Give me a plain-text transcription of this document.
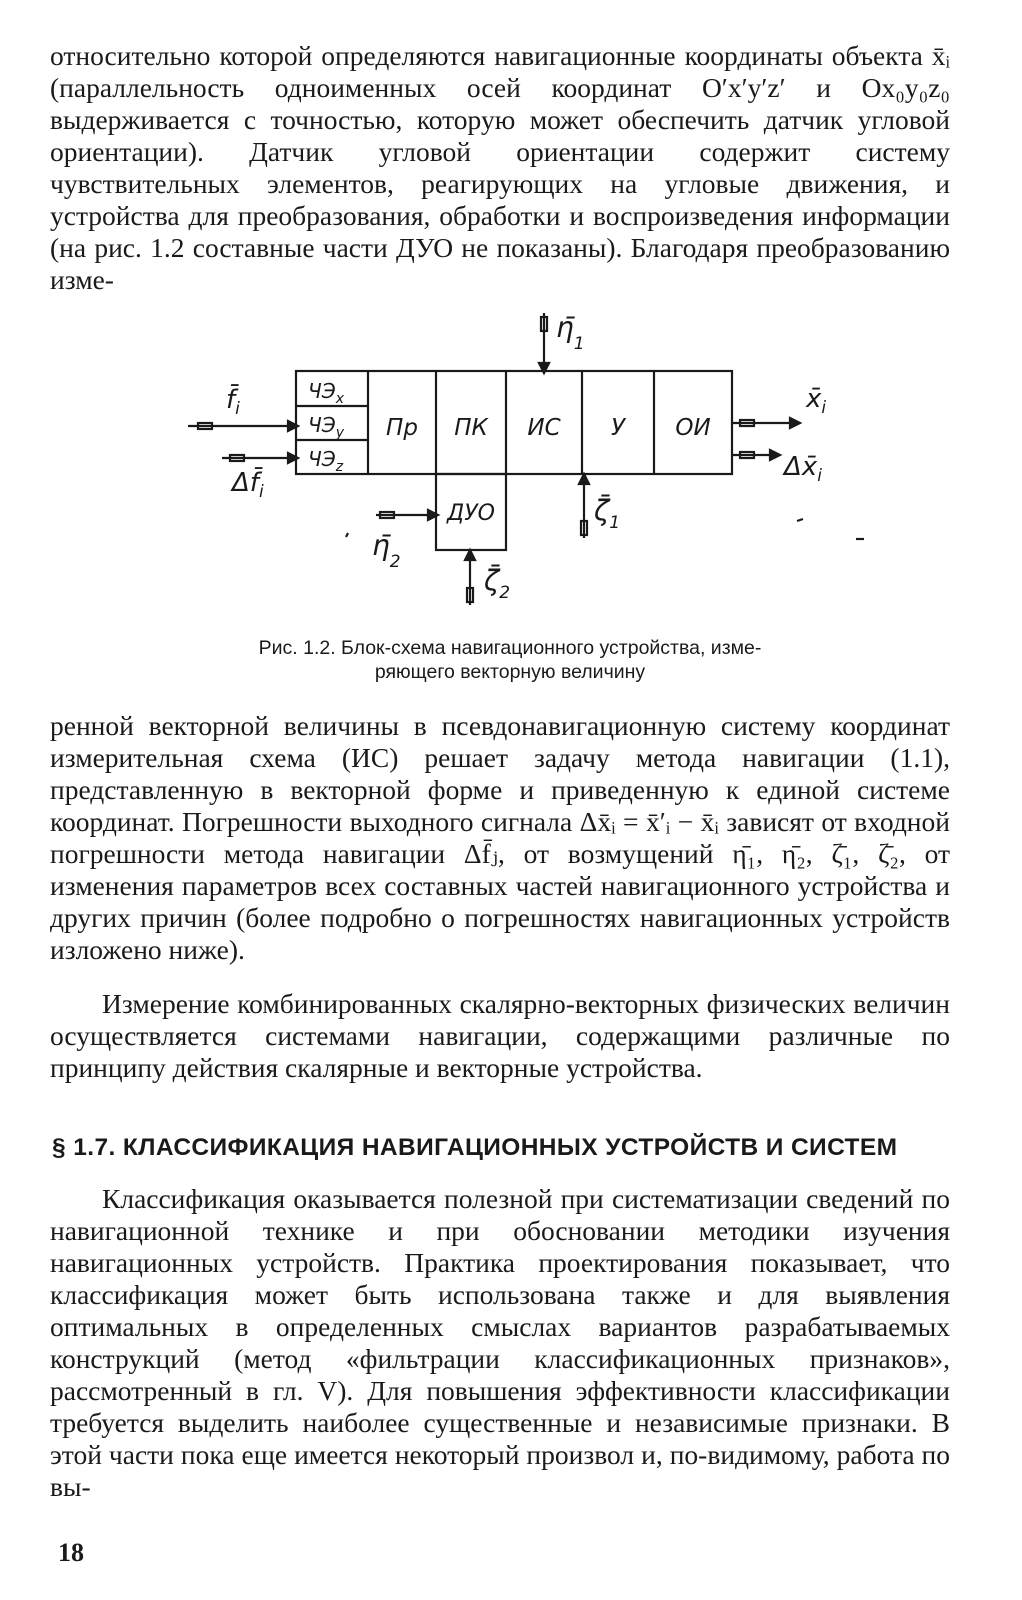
относительно которой определяются навигационные координаты объекта x̄ᵢ (параллельность одноименных осей координат O′x′y′z′ и Ox₀y₀z₀ выдерживается с точностью, которую может обеспечить датчик угловой ориентации). Датчик угловой ориентации содержит систему чувствительных элементов, реагирующих на угловые движения, и устройства для преобразования, обработки и воспроизведения информации (на рис. 1.2 составные части ДУО не показаны). Благодаря преобразованию изме-

$ЧЭ_x$
$ЧЭ_y$
$ЧЭ_z$
Пр ПК ИС У ОИ
ДУО
$f̄_i$
$\Delta f̄_i$
$x̄_i$
$\Delta x̄_i$
$\etā_1$
$\etā_2$
$\zetā_1$
$\zetā_2$

Рис. 1.2. Блок-схема навигационного устройства, изме-

ряющего векторную величину

ренной векторной величины в псевдонавигационную систему координат измерительная схема (ИС) решает задачу метода навигации (1.1), представленную в векторной форме и приведенную к единой системе координат. Погрешности выходного сигнала Δx̄ᵢ = x̄′ᵢ − x̄ᵢ зависят от входной погрешности метода навигации Δf̄ⱼ, от возмущений η̄₁, η̄₂, ζ̄₁, ζ̄₂, от изменения параметров всех составных частей навигационного устройства и других причин (более подробно о погрешностях навигационных устройств изложено ниже).

Измерение комбинированных скалярно-векторных физических величин осуществляется системами навигации, содержащими различные по принципу действия скалярные и векторные устройства.

§ 1.7. КЛАССИФИКАЦИЯ НАВИГАЦИОННЫХ УСТРОЙСТВ И СИСТЕМ

Классификация оказывается полезной при систематизации сведений по навигационной технике и при обосновании методики изучения навигационных устройств. Практика проектирования показывает, что классификация может быть использована также и для выявления оптимальных в определенных смыслах вариантов разрабатываемых конструкций (метод «фильтрации классификационных признаков», рассмотренный в гл. V). Для повышения эффективности классификации требуется выделить наиболее существенные и независимые признаки. В этой части пока еще имеется некоторый произвол и, по-видимому, работа по вы-

18
